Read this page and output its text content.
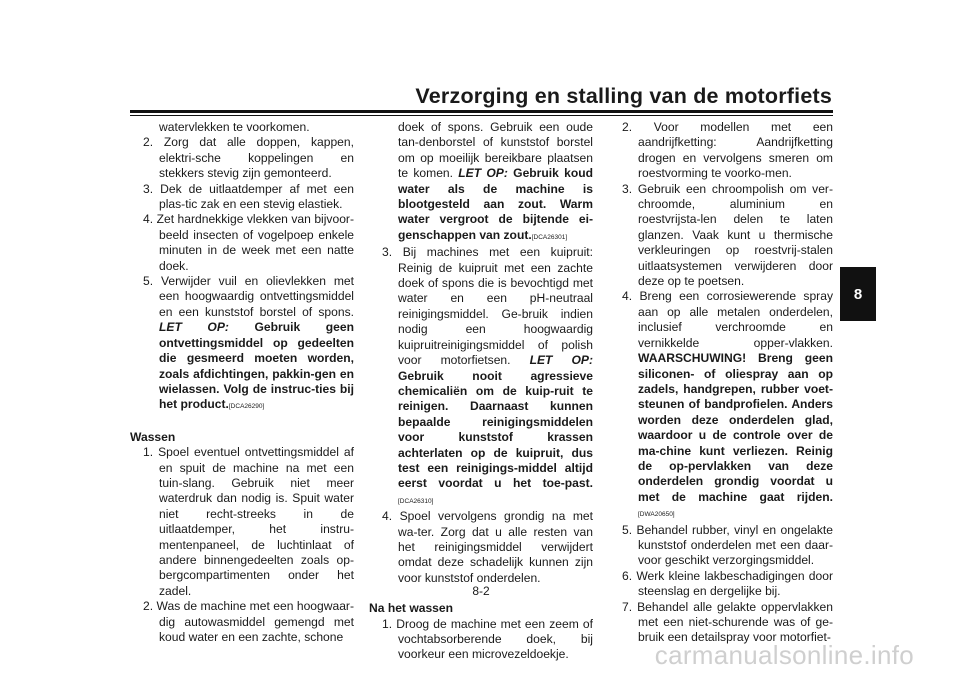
Verzorging en stalling van de motorfiets
8

watervlekken te voorkomen.

2. Zorg dat alle doppen, kappen, elektri-sche koppelingen en stekkers stevig zijn gemonteerd.

3. Dek de uitlaatdemper af met een plas-tic zak en een stevig elastiek.

4. Zet hardnekkige vlekken van bijvoor-beeld insecten of vogelpoep enkele minuten in de week met een natte doek.

5. Verwijder vuil en olievlekken met een hoogwaardig ontvettingsmiddel en een kunststof borstel of spons. LET OP: Gebruik geen ontvettingsmiddel op gedeelten die gesmeerd moeten worden, zoals afdichtingen, pakkin-gen en wielassen. Volg de instruc-ties bij het product.[DCA26290]

Wassen

1. Spoel eventuel ontvettingsmiddel af en spuit de machine na met een tuin-slang. Gebruik niet meer waterdruk dan nodig is. Spuit water niet recht-streeks in de uitlaatdemper, het instru-mentenpaneel, de luchtinlaat of andere binnengedeelten zoals op-bergcompartimenten onder het zadel.

2. Was de machine met een hoogwaar-dig autowasmiddel gemengd met koud water en een zachte, schone

doek of spons. Gebruik een oude tan-denborstel of kunststof borstel om op moeilijk bereikbare plaatsen te komen. LET OP: Gebruik koud water als de machine is blootgesteld aan zout. Warm water vergroot de bijtende ei-genschappen van zout.[DCA26301]

3. Bij machines met een kuipruit: Reinig de kuipruit met een zachte doek of spons die is bevochtigd met water en een pH-neutraal reinigingsmiddel. Ge-bruik indien nodig een hoogwaardig kuipruitreinigingsmiddel of polish voor motorfietsen. LET OP: Gebruik nooit agressieve chemicaliën om de kuip-ruit te reinigen. Daarnaast kunnen bepaalde reinigingsmiddelen voor kunststof krassen achterlaten op de kuipruit, dus test een reinigings-middel altijd eerst voordat u het toe-past.[DCA26310]

4. Spoel vervolgens grondig na met wa-ter. Zorg dat u alle resten van het reinigingsmiddel verwijdert omdat deze schadelijk kunnen zijn voor kunststof onderdelen.

Na het wassen

1. Droog de machine met een zeem of vochtabsorberende doek, bij voorkeur een microvezeldoekje.

2. Voor modellen met een aandrijfketting: Aandrijfketting drogen en vervolgens smeren om roestvorming te voorko-men.

3. Gebruik een chroompolish om ver-chroomde, aluminium en roestvrijsta-len delen te laten glanzen. Vaak kunt u thermische verkleuringen op roestvrij-stalen uitlaatsystemen verwijderen door deze op te poetsen.

4. Breng een corrosiewerende spray aan op alle metalen onderdelen, inclusief verchroomde en vernikkelde opper-vlakken. WAARSCHUWING! Breng geen siliconen- of oliespray aan op zadels, handgrepen, rubber voet-steunen of bandprofielen. Anders worden deze onderdelen glad, waardoor u de controle over de ma-chine kunt verliezen. Reinig de op-pervlakken van deze onderdelen grondig voordat u met de machine gaat rijden.[DWA20650]

5. Behandel rubber, vinyl en ongelakte kunststof onderdelen met een daar-voor geschikt verzorgingsmiddel.

6. Werk kleine lakbeschadigingen door steenslag en dergelijke bij.

7. Behandel alle gelakte oppervlakken met een niet-schurende was of ge-bruik een detailspray voor motorfiet-

8-2
carmanualsonline.info
